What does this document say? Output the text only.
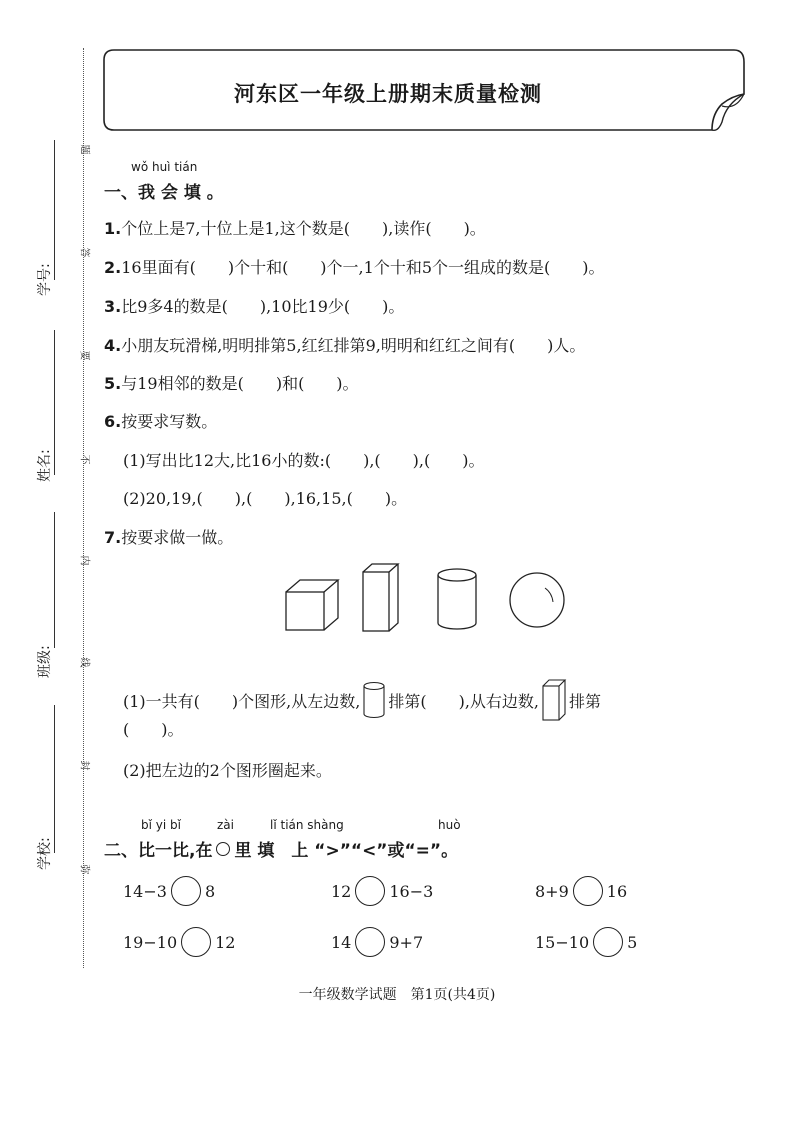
河东区一年级上册期末质量检测
题
答
要
不
内
线
封
弥
学号:
姓名:
班级:
学校:
wǒ huì tián
一、我 会 填 。
1.个位上是7,十位上是1,这个数是(　　),读作(　　)。
2.16里面有(　　)个十和(　　)个一,1个十和5个一组成的数是(　　)。
3.比9多4的数是(　　),10比19少(　　)。
4.小朋友玩滑梯,明明排第5,红红排第9,明明和红红之间有(　　)人。
5.与19相邻的数是(　　)和(　　)。
6.按要求写数。
(1)写出比12大,比16小的数:(　　),(　　),(　　)。
(2)20,19,(　　),(　　),16,15,(　　)。
7.按要求做一做。
(1)一共有(　　)个图形,从左边数, 排第(　　),从右边数, 排第
(　　)。
(2)把左边的2个图形圈起来。
bǐ yi bǐ	zài	lǐ tián shàng	huò
二、比一比,在 里 填　上 “>”“<”或“=”。
14−3 8	12 16−3	8+9 16
19−10 12	14 9+7	15−10 5
一年级数学试题　第1页(共4页)
